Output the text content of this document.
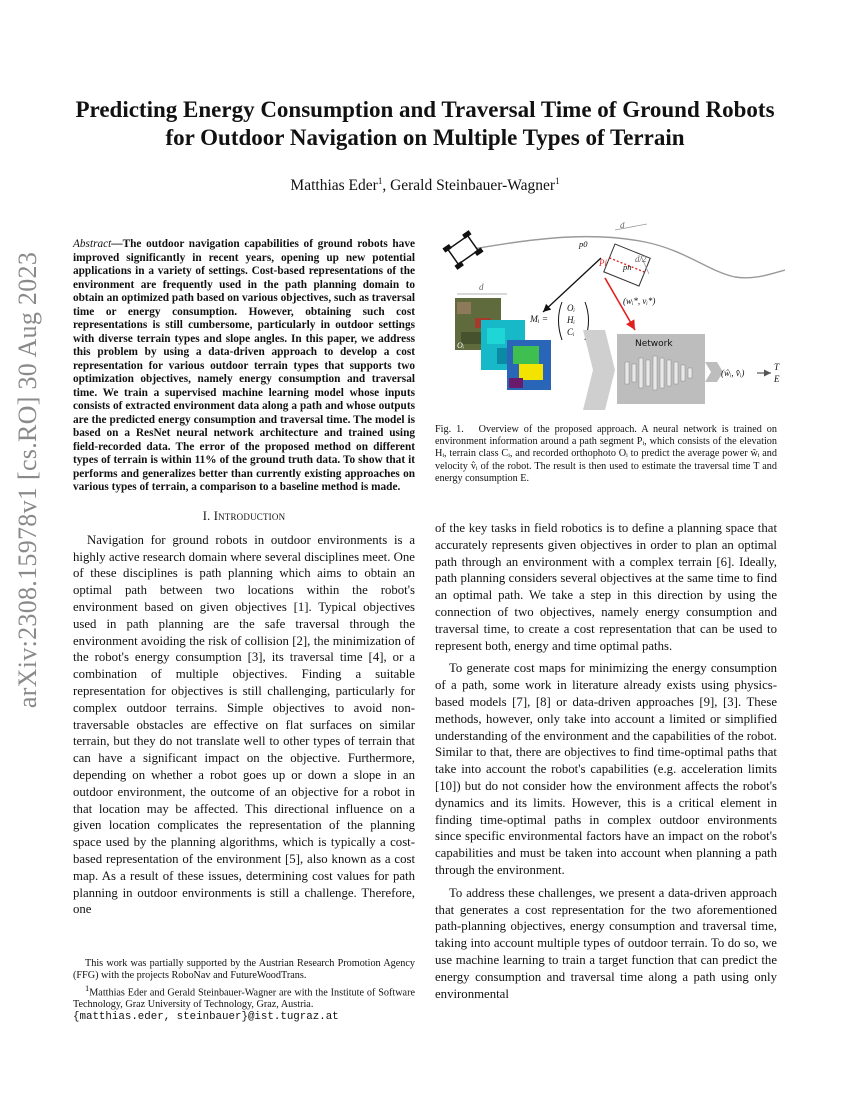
arXiv:2308.15978v1 [cs.RO] 30 Aug 2023
Predicting Energy Consumption and Traversal Time of Ground Robots
for Outdoor Navigation on Multiple Types of Terrain
Matthias Eder$^1$, Gerald Steinbauer-Wagner$^1$

Abstract—The outdoor navigation capabilities of ground robots have improved significantly in recent years, opening up new potential applications in a variety of settings. Cost-based representations of the environment are frequently used in the path planning domain to obtain an optimized path based on various objectives, such as traversal time or energy consumption. However, obtaining such cost representations is still cumbersome, particularly in outdoor settings with diverse terrain types and slope angles. In this paper, we address this problem by using a data-driven approach to develop a cost representation for various outdoor terrain types that supports two optimization objectives, namely energy consumption and traversal time. We train a supervised machine learning model whose inputs consists of extracted environment data along a path and whose outputs are the predicted energy consumption and traversal time. The model is based on a ResNet neural network architecture and trained using field-recorded data. The error of the proposed method on different types of terrain is within 11% of the ground truth data. To show that it performs and generalizes better than currently existing approaches on various types of terrain, a comparison to a baseline method is made.

I. Introduction

Navigation for ground robots in outdoor environments is a highly active research domain where several disciplines meet. One of these disciplines is path planning which aims to obtain an optimal path between two locations within the robot's environment based on given objectives [1]. Typical objectives used in path planning are the safe traversal through the environment avoiding the risk of collision [2], the minimization of the robot's energy consumption [3], its traversal time [4], or a combination of multiple objectives. Finding a suitable representation for objectives is still challenging, particularly for complex outdoor terrains. Simple objectives to avoid non-traversable obstacles are effective on flat surfaces on similar terrain, but they do not translate well to other types of terrain that can have a significant impact on the objective. Furthermore, depending on whether a robot goes up or down a slope in an outdoor environment, the outcome of an objective for a robot in that location may be affected. This directional influence on a given location complicates the representation of the planning space used by the planning algorithms, which is typically a cost-based representation of the environment [5], also known as a cost map. As a result of these issues, determining cost values for path planning in outdoor environments is still a challenge. Therefore, one

This work was partially supported by the Austrian Research Promotion Agency (FFG) with the projects RoboNav and FutureWoodTrans.

$^1$Matthias Eder and Gerald Steinbauer-Wagner are with the Institute of Software Technology, Graz University of Technology, Graz, Austria.

{matthias.eder, steinbauer}@ist.tugraz.at

d
d/2
p0
pn
Pi
(wᵢ*, vᵢ*)
d
Oᵢ
Mᵢ =
Oᵢ
Hᵢ
Cᵢ
Network
(ŵᵢ, v̂ᵢ)
T
E
Fig. 1. Overview of the proposed approach. A neural network is trained on environment information around a path segment Pᵢ, which consists of the elevation Hᵢ, terrain class Cᵢ, and recorded orthophoto Oᵢ to predict the average power ŵᵢ and velocity v̂ᵢ of the robot. The result is then used to estimate the traversal time T and energy consumption E.

of the key tasks in field robotics is to define a planning space that accurately represents given objectives in order to plan an optimal path through an environment with a complex terrain [6]. Ideally, path planning considers several objectives at the same time to find an optimal path. We take a step in this direction by using the connection of two objectives, namely energy consumption and traversal time, to create a cost representation that can be used to represent both, energy and time optimal paths.

To generate cost maps for minimizing the energy consumption of a path, some work in literature already exists using physics-based models [7], [8] or data-driven approaches [9], [3]. These methods, however, only take into account a limited or simplified understanding of the environment and the capabilities of the robot. Similar to that, there are objectives to find time-optimal paths that take into account the robot's capabilities (e.g. acceleration limits [10]) but do not consider how the environment affects the robot's dynamics and its limits. However, this is a critical element in finding time-optimal paths in complex outdoor environments since specific environmental factors have an impact on the robot's capabilities and must be taken into account when planning a path through the environment.

To address these challenges, we present a data-driven approach that generates a cost representation for the two aforementioned path-planning objectives, energy consumption and traversal time, taking into account multiple types of outdoor terrain. To do so, we use machine learning to train a target function that can predict the energy consumption and traversal time along a path using only environmental
